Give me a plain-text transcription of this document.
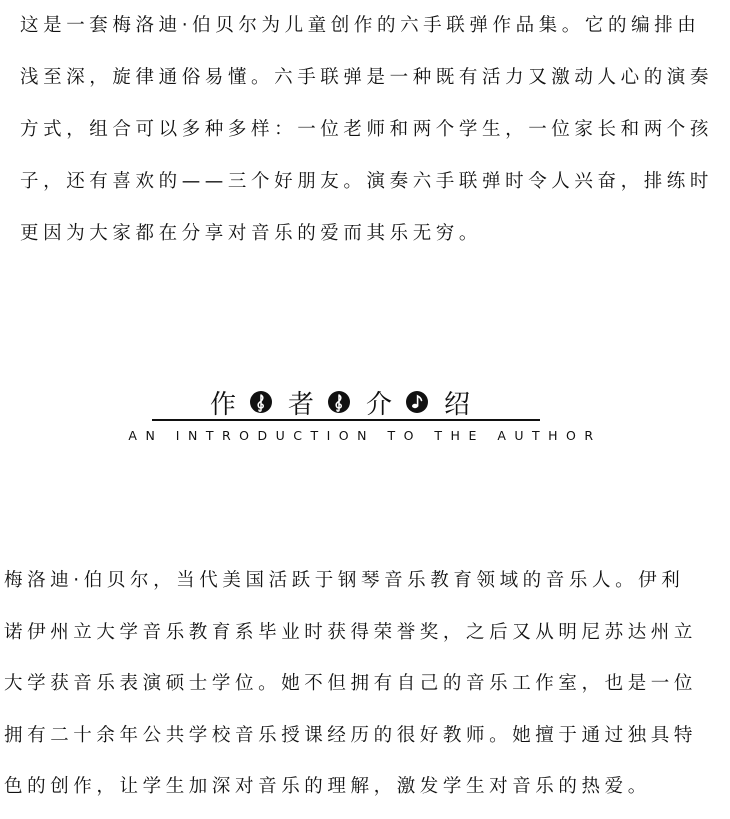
这是一套梅洛迪·伯贝尔为儿童创作的六手联弹作品集。它的编排由
浅至深，旋律通俗易懂。六手联弹是一种既有活力又激动人心的演奏
方式，组合可以多种多样：一位老师和两个学生，一位家长和两个孩
子，还有喜欢的——三个好朋友。演奏六手联弹时令人兴奋，排练时
更因为大家都在分享对音乐的爱而其乐无穷。
作 者 介 绍
AN INTRODUCTION TO THE AUTHOR
梅洛迪·伯贝尔，当代美国活跃于钢琴音乐教育领域的音乐人。伊利
诺伊州立大学音乐教育系毕业时获得荣誉奖，之后又从明尼苏达州立
大学获音乐表演硕士学位。她不但拥有自己的音乐工作室，也是一位
拥有二十余年公共学校音乐授课经历的很好教师。她擅于通过独具特
色的创作，让学生加深对音乐的理解，激发学生对音乐的热爱。
